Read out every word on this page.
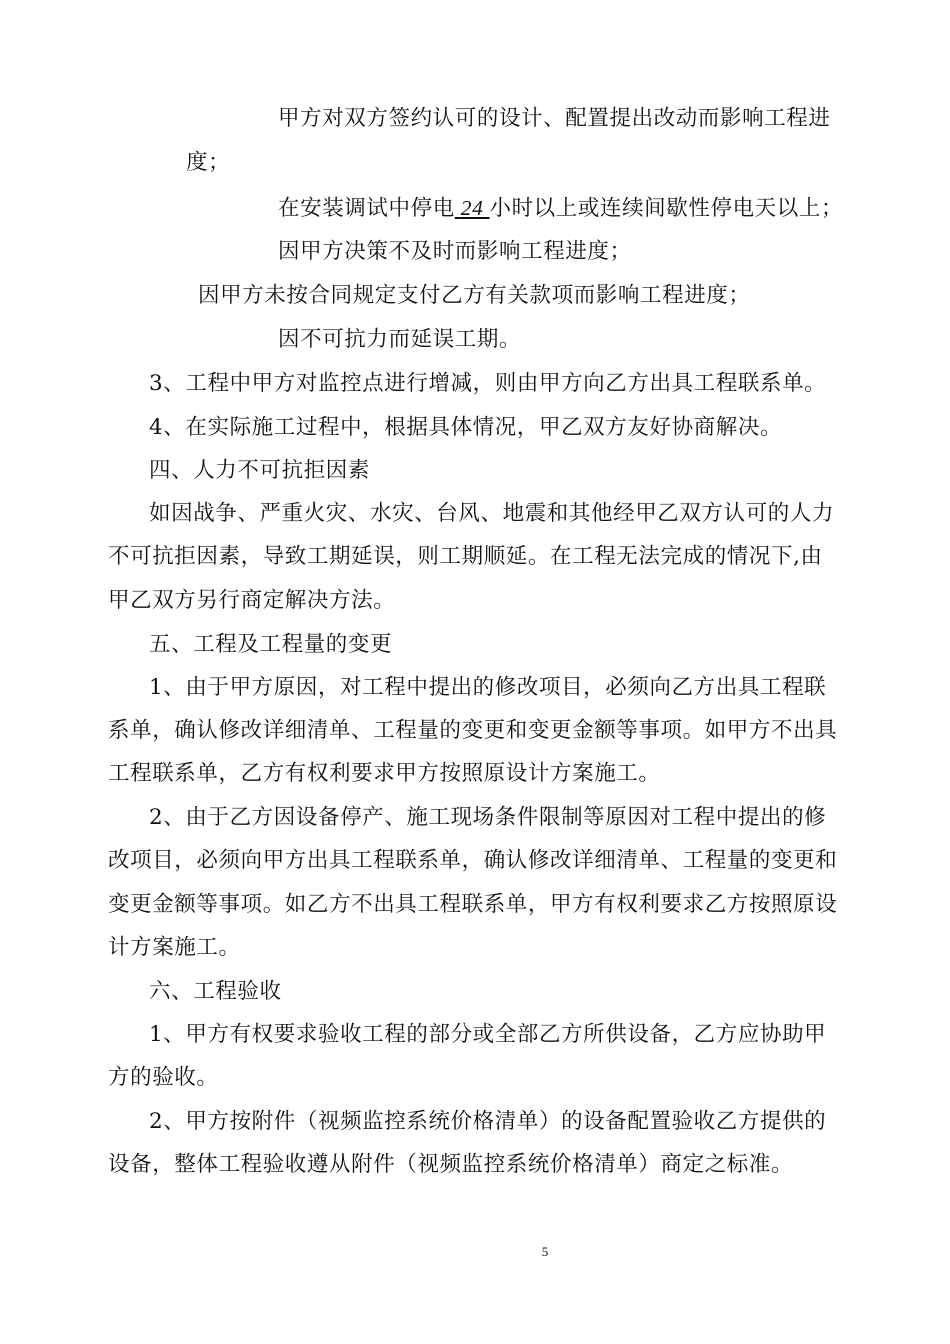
甲方对双方签约认可的设计、配置提出改动而影响工程进
度；
在安装调试中停电 24 小时以上或连续间歇性停电天以上；
因甲方决策不及时而影响工程进度；
因甲方未按合同规定支付乙方有关款项而影响工程进度；
因不可抗力而延误工期。
3、工程中甲方对监控点进行增减，则由甲方向乙方出具工程联系单。
4、在实际施工过程中，根据具体情况，甲乙双方友好协商解决。
四、人力不可抗拒因素
如因战争、严重火灾、水灾、台风、地震和其他经甲乙双方认可的人力
不可抗拒因素，导致工期延误，则工期顺延。在工程无法完成的情况下,由
甲乙双方另行商定解决方法。
五、工程及工程量的变更
1、由于甲方原因，对工程中提出的修改项目，必须向乙方出具工程联
系单，确认修改详细清单、工程量的变更和变更金额等事项。如甲方不出具
工程联系单，乙方有权利要求甲方按照原设计方案施工。
2、由于乙方因设备停产、施工现场条件限制等原因对工程中提出的修
改项目，必须向甲方出具工程联系单，确认修改详细清单、工程量的变更和
变更金额等事项。如乙方不出具工程联系单，甲方有权利要求乙方按照原设
计方案施工。
六、工程验收
1、甲方有权要求验收工程的部分或全部乙方所供设备，乙方应协助甲
方的验收。
2、甲方按附件（视频监控系统价格清单）的设备配置验收乙方提供的
设备，整体工程验收遵从附件（视频监控系统价格清单）商定之标准。
5
